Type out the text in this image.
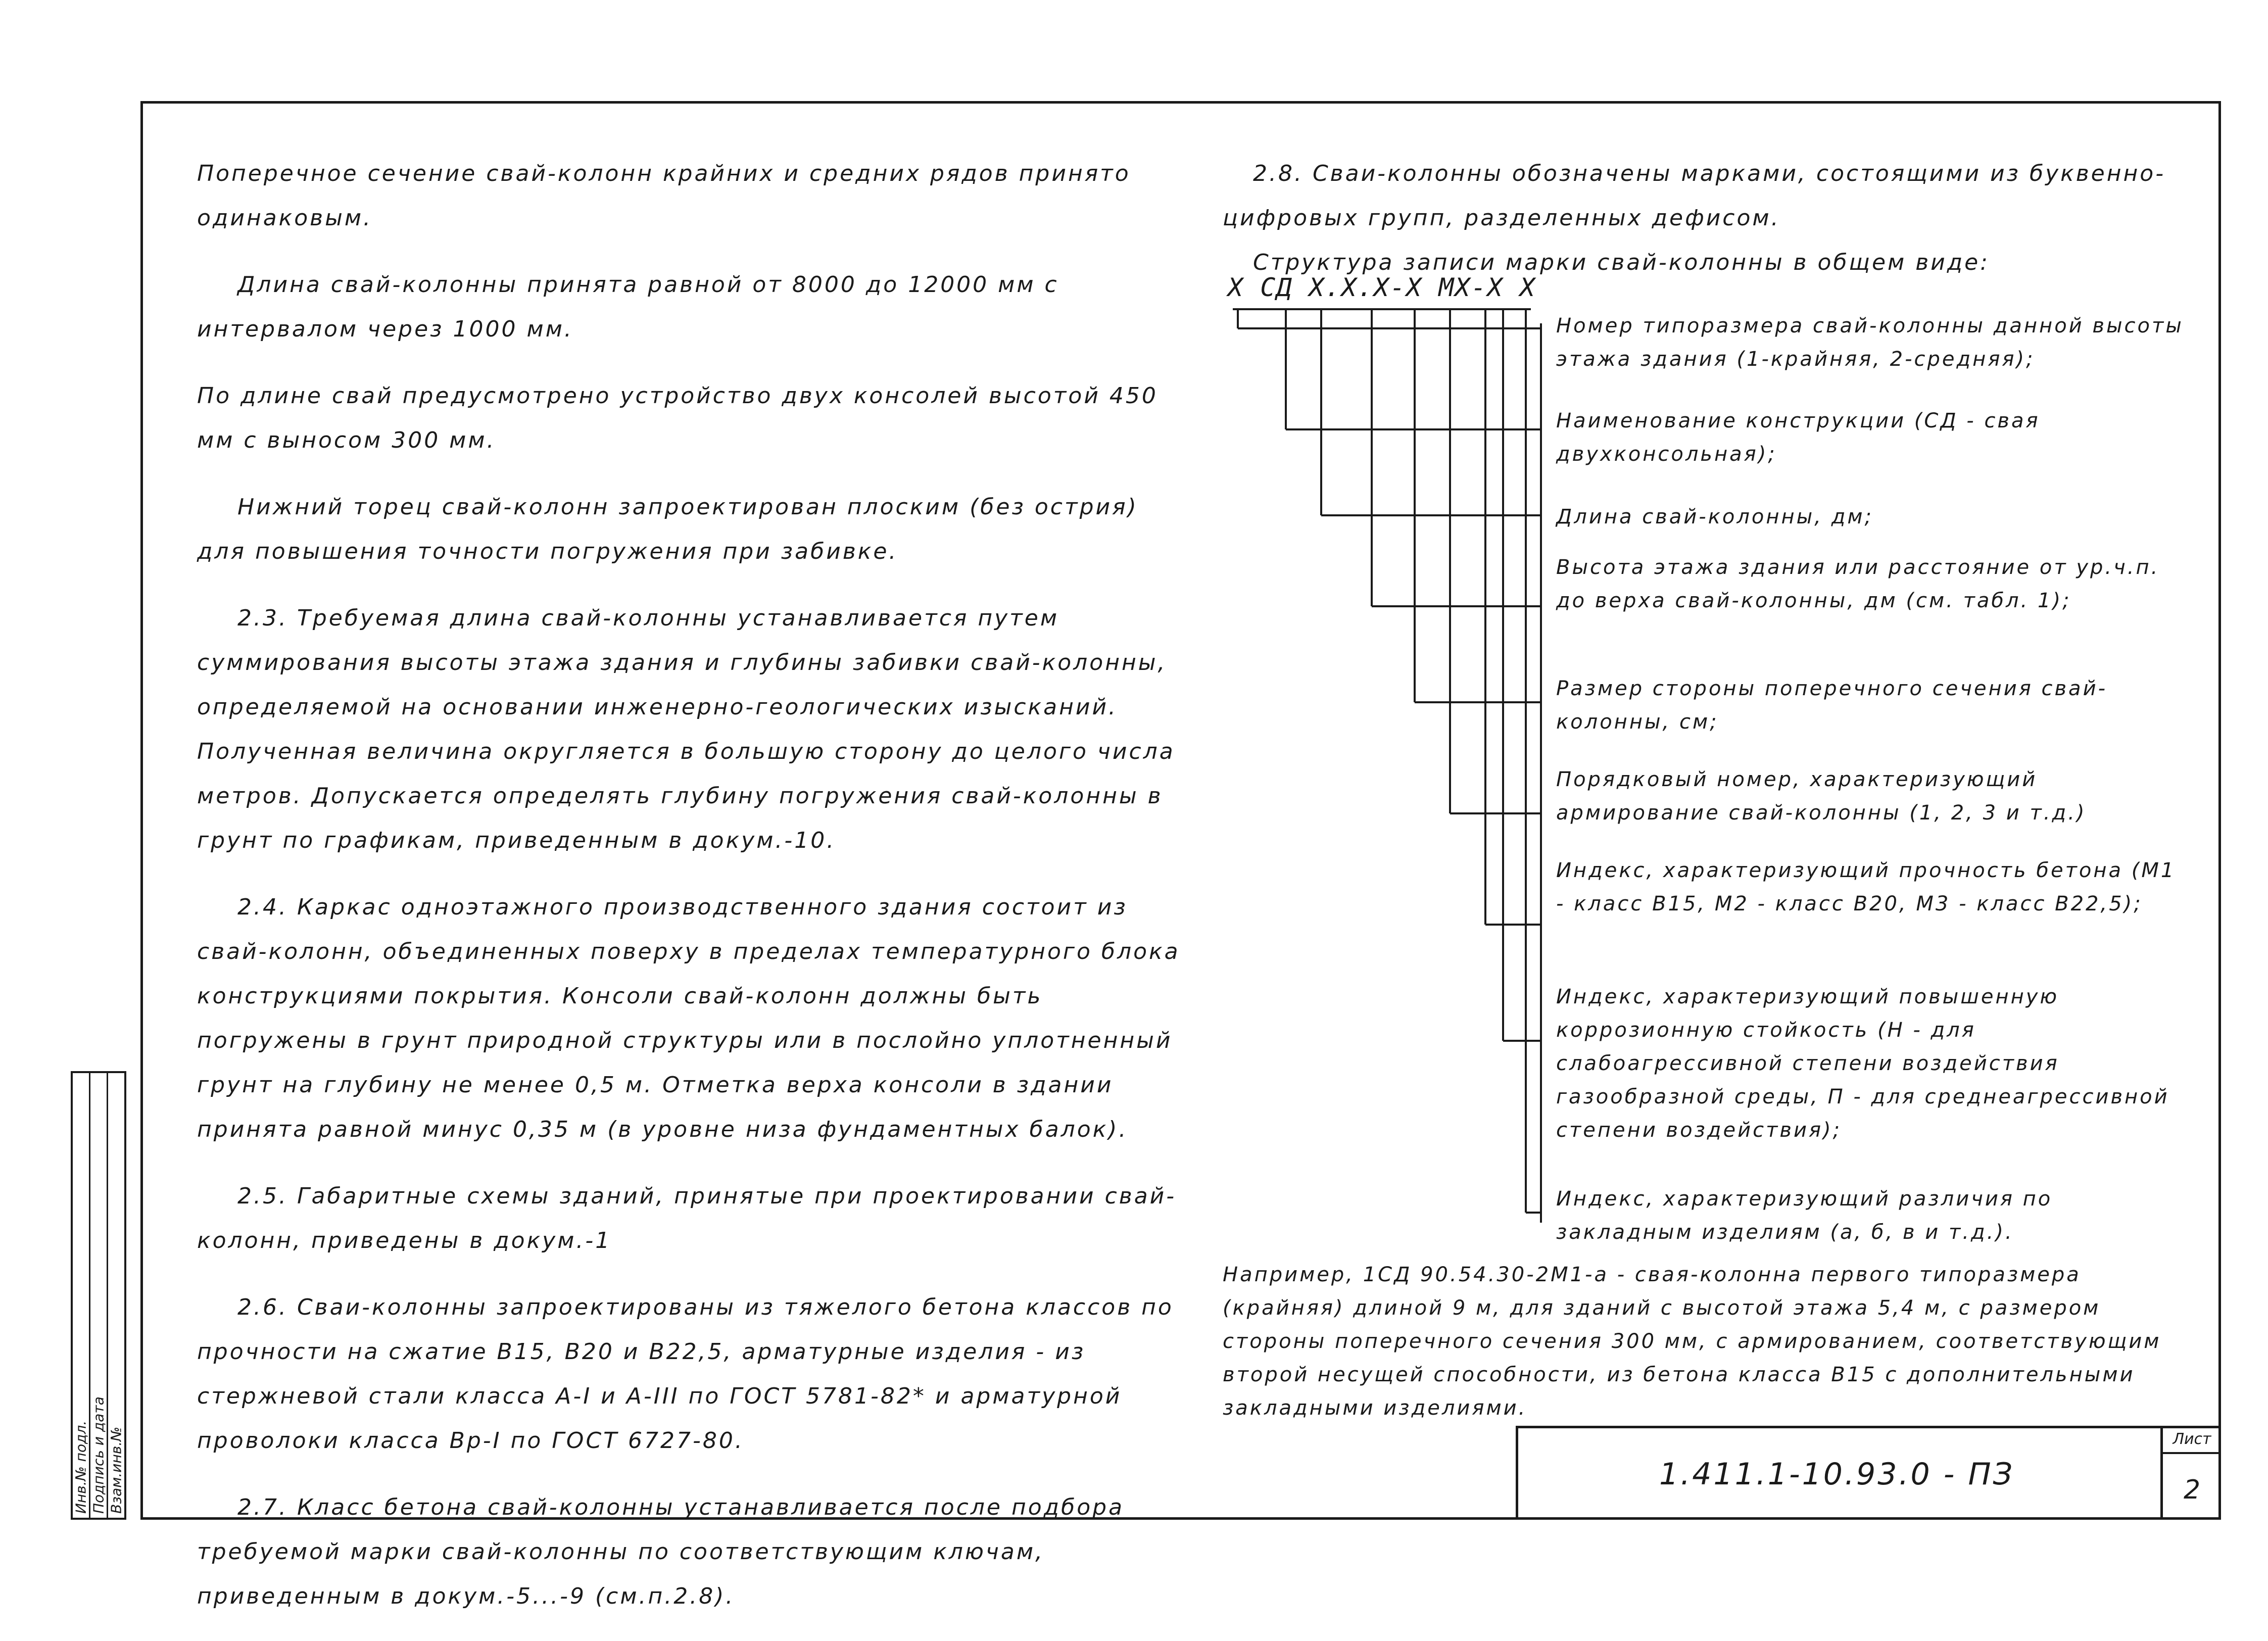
Инв.№ подл. Подпись и дата Взам.инв.№

Поперечное сечение свай-колонн крайних и средних рядов принято одинаковым.

Длина свай-колонны принята равной от 8000 до 12000 мм с интервалом через 1000 мм.

По длине свай предусмотрено устройство двух консолей высотой 450 мм с выносом 300 мм.

Нижний торец свай-колонн запроектирован плоским (без острия) для повышения точности погружения при забивке.

2.3. Требуемая длина свай-колонны устанавливается путем суммирования высоты этажа здания и глубины забивки свай-колонны, определяемой на основании инженерно-геологических изысканий. Полученная величина округляется в большую сторону до целого числа метров. Допускается определять глубину погружения свай-колонны в грунт по графикам, приведенным в докум.-10.

2.4. Каркас одноэтажного производственного здания состоит из свай-колонн, объединенных поверху в пределах температурного блока конструкциями покрытия. Консоли свай-колонн должны быть погружены в грунт природной структуры или в послойно уплотненный грунт на глубину не менее 0,5 м. Отметка верха консоли в здании принята равной минус 0,35 м (в уровне низа фундаментных балок).

2.5. Габаритные схемы зданий, принятые при проектировании свай-колонн, приведены в докум.-1

2.6. Сваи-колонны запроектированы из тяжелого бетона классов по прочности на сжатие В15, В20 и В22,5, арматурные изделия - из стержневой стали класса А-I и А-III по ГОСТ 5781-82* и арматурной проволоки класса Вр-I по ГОСТ 6727-80.

2.7. Класс бетона свай-колонны устанавливается после подбора требуемой марки свай-колонны по соответствующим ключам, приведенным в докум.-5...-9 (см.п.2.8).

2.8. Сваи-колонны обозначены марками, состоящими из буквенно-цифровых групп, разделенных дефисом.

Структура записи марки свай-колонны в общем виде:

Х СД Х.Х.Х-Х МХ-Х Х
Номер типоразмера свай-колонны данной высоты этажа здания (1-крайняя, 2-средняя);
Наименование конструкции (СД - свая двухконсольная);
Длина свай-колонны, дм;
Высота этажа здания или расстояние от ур.ч.п. до верха свай-колонны, дм (см. табл. 1);
Размер стороны поперечного сечения свай-колонны, см;
Порядковый номер, характеризующий армирование свай-колонны (1, 2, 3 и т.д.)
Индекс, характеризующий прочность бетона (М1 - класс В15, М2 - класс В20, М3 - класс В22,5);
Индекс, характеризующий повышенную коррозионную стойкость (Н - для слабоагрессивной степени воздействия газообразной среды, П - для среднеагрессивной степени воздействия);
Индекс, характеризующий различия по закладным изделиям (а, б, в и т.д.).
Например, 1СД 90.54.30-2М1-а - свая-колонна первого типоразмера (крайняя) длиной 9 м, для зданий с высотой этажа 5,4 м, с размером стороны поперечного сечения 300 мм, с армированием, соответствующим второй несущей способности, из бетона класса В15 с дополнительными закладными изделиями.
1.411.1-10.93.0 - ПЗ
Лист
2
